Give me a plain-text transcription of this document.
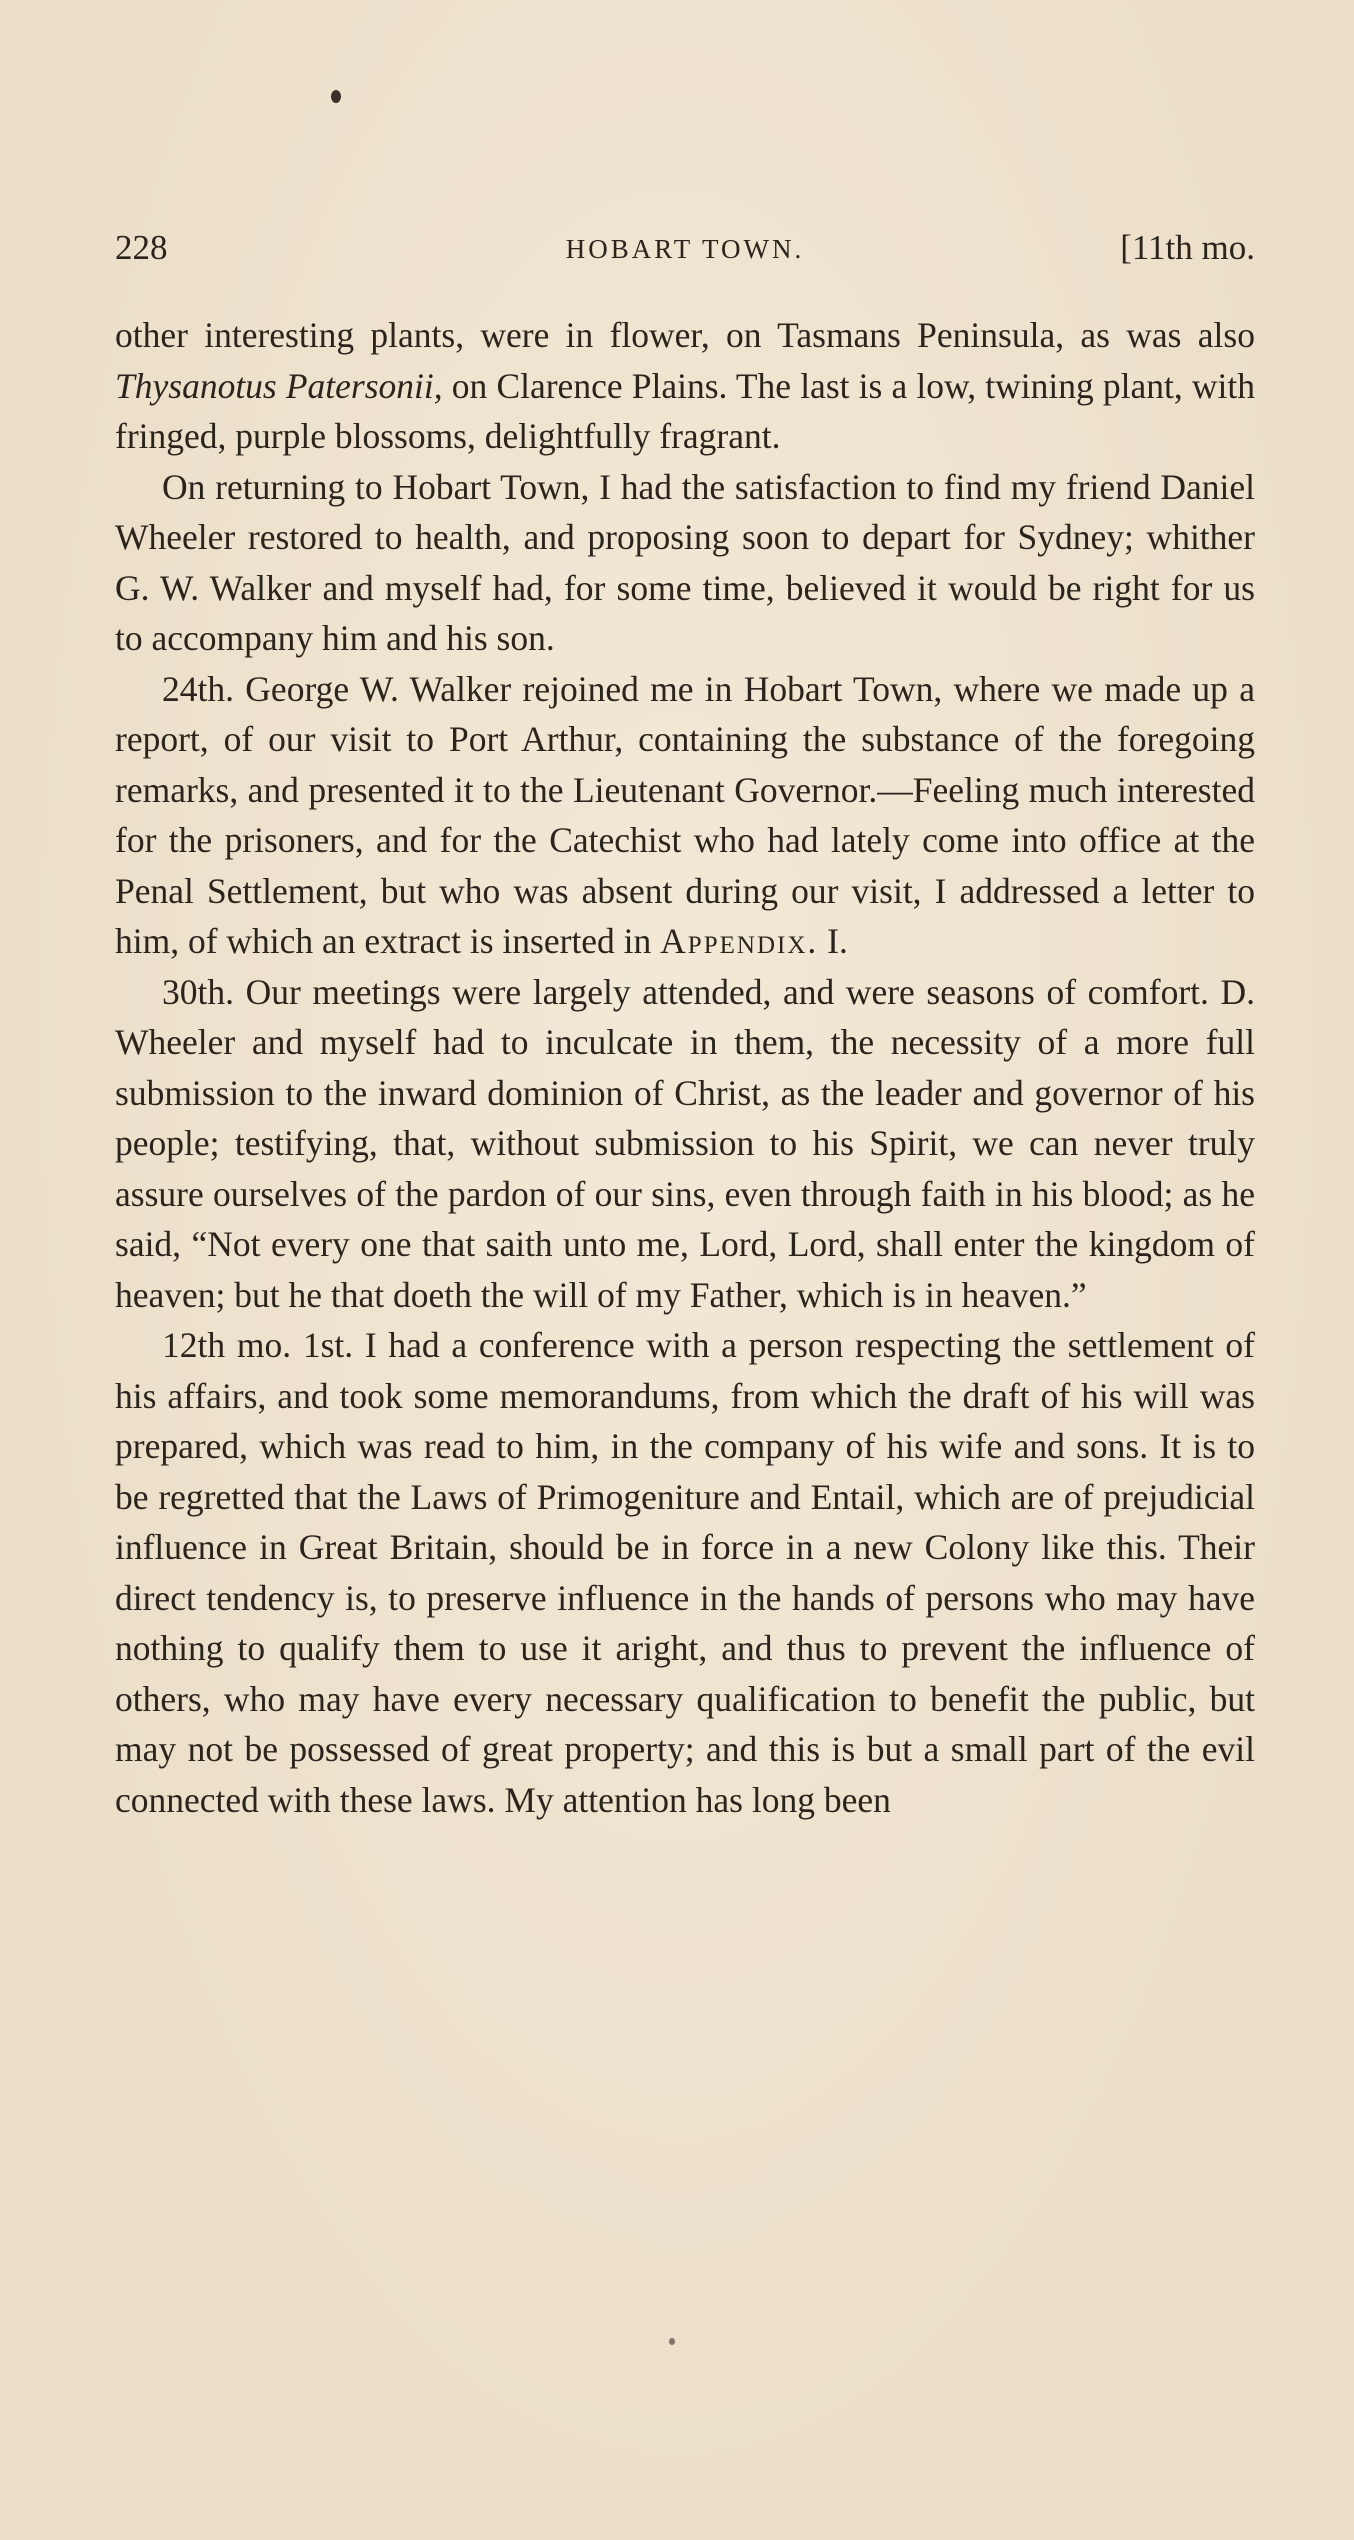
228	HOBART TOWN.	[11th mo.

other interesting plants, were in flower, on Tasmans Peninsula, as was also Thysanotus Patersonii, on Clarence Plains. The last is a low, twining plant, with fringed, purple blossoms, delightfully fragrant.

On returning to Hobart Town, I had the satisfaction to find my friend Daniel Wheeler restored to health, and proposing soon to depart for Sydney; whither G. W. Walker and myself had, for some time, believed it would be right for us to accompany him and his son.

24th. George W. Walker rejoined me in Hobart Town, where we made up a report, of our visit to Port Arthur, containing the substance of the foregoing remarks, and presented it to the Lieutenant Governor.—Feeling much interested for the prisoners, and for the Catechist who had lately come into office at the Penal Settlement, but who was absent during our visit, I addressed a letter to him, of which an extract is inserted in Appendix. I.

30th. Our meetings were largely attended, and were seasons of comfort. D. Wheeler and myself had to inculcate in them, the necessity of a more full submission to the inward dominion of Christ, as the leader and governor of his people; testifying, that, without submission to his Spirit, we can never truly assure ourselves of the pardon of our sins, even through faith in his blood; as he said, “Not every one that saith unto me, Lord, Lord, shall enter the kingdom of heaven; but he that doeth the will of my Father, which is in heaven.”

12th mo. 1st. I had a conference with a person respecting the settlement of his affairs, and took some memorandums, from which the draft of his will was prepared, which was read to him, in the company of his wife and sons. It is to be regretted that the Laws of Primogeniture and Entail, which are of prejudicial influence in Great Britain, should be in force in a new Colony like this. Their direct tendency is, to preserve influence in the hands of persons who may have nothing to qualify them to use it aright, and thus to prevent the influence of others, who may have every necessary qualification to benefit the public, but may not be possessed of great property; and this is but a small part of the evil connected with these laws. My attention has long been
